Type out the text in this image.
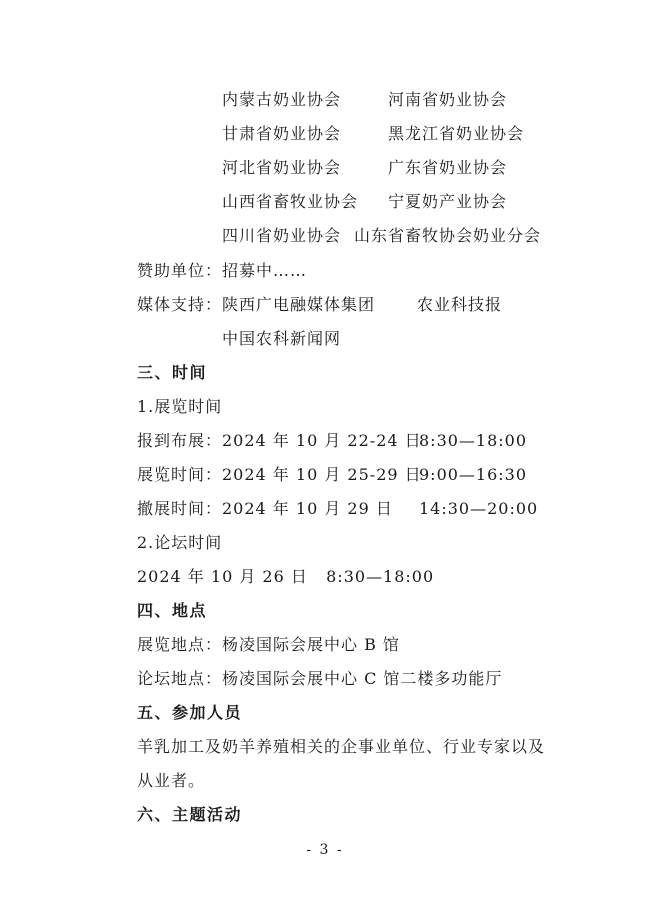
内蒙古奶业协会	河南省奶业协会
甘肃省奶业协会	黑龙江省奶业协会
河北省奶业协会	广东省奶业协会
山西省畜牧业协会 宁夏奶产业协会
四川省奶业协会 山东省畜牧协会奶业分会
赞助单位： 招募中……
媒体支持： 陕西广电融媒体集团	农业科技报
中国农科新闻网
三、时间
1.展览时间
报到布展： 2024 年 10 月 22-24 日
8:30—18:00
展览时间： 2024 年 10 月 25-29 日
9:00—16:30
撤展时间： 2024 年 10 月 29 日 14:30—20:00
2.论坛时间
2024 年 10 月 26 日   8:30—18:00
四、地点
展览地点：杨凌国际会展中心 B 馆
论坛地点：杨凌国际会展中心 C 馆二楼多功能厅
五、参加人员
羊乳加工及奶羊养殖相关的企事业单位、行业专家以及
从业者。
六、主题活动
- 3 -
